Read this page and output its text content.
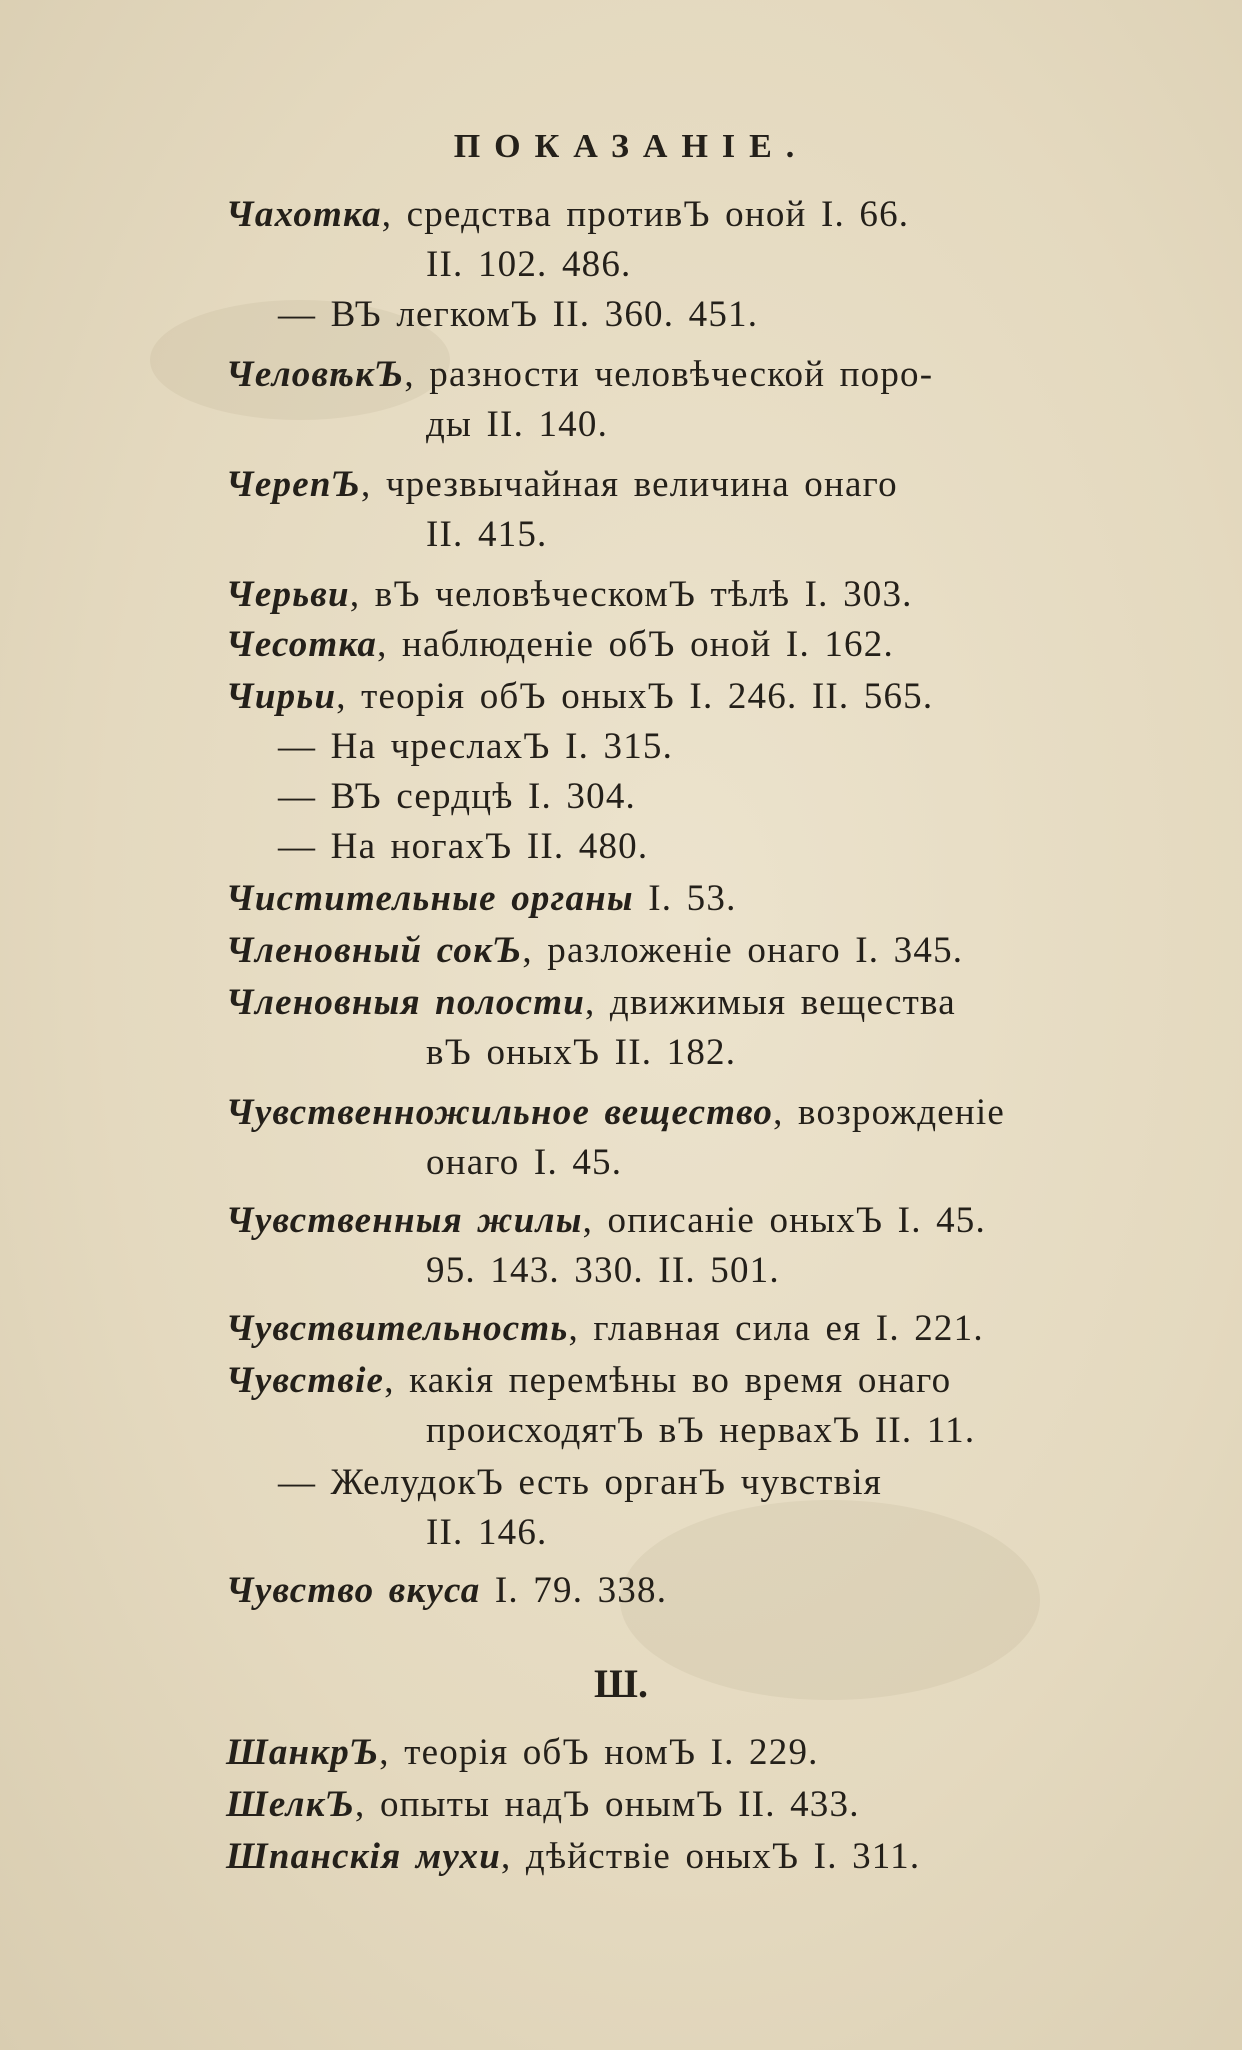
ПОКАЗАНІЕ.
Чахотка, средства противЪ оной I. 66.
II. 102. 486.
— ВЪ легкомЪ II. 360. 451.
ЧеловѣкЪ, разности человѣческой поро-
ды II. 140.
ЧерепЪ, чрезвычайная величина онаго
II. 415.
Черьви, вЪ человѣческомЪ тѣлѣ I. 303.
Чесотка, наблюденіе обЪ оной I. 162.
Чирьи, теорія обЪ оныхЪ I. 246. II. 565.
— На чреслахЪ I. 315.
— ВЪ сердцѣ I. 304.
— На ногахЪ II. 480.
Чистительные органы I. 53.
Членовный сокЪ, разложеніе онаго I. 345.
Членовныя полости, движимыя вещества
вЪ оныхЪ II. 182.
Чувственножильное вещество, возрожденіе
онаго I. 45.
Чувственныя жилы, описаніе оныхЪ I. 45.
95. 143. 330. II. 501.
Чувствительность, главная сила ея I. 221.
Чувствіе, какія перемѣны во время онаго
происходятЪ вЪ нервахЪ II. 11.
— ЖелудокЪ есть органЪ чувствія
II. 146.
Чувство вкуса I. 79. 338.
Ш.
ШанкрЪ, теорія обЪ номЪ I. 229.
ШелкЪ, опыты надЪ онымЪ II. 433.
Шпанскія мухи, дѣйствіе оныхЪ I. 311.
